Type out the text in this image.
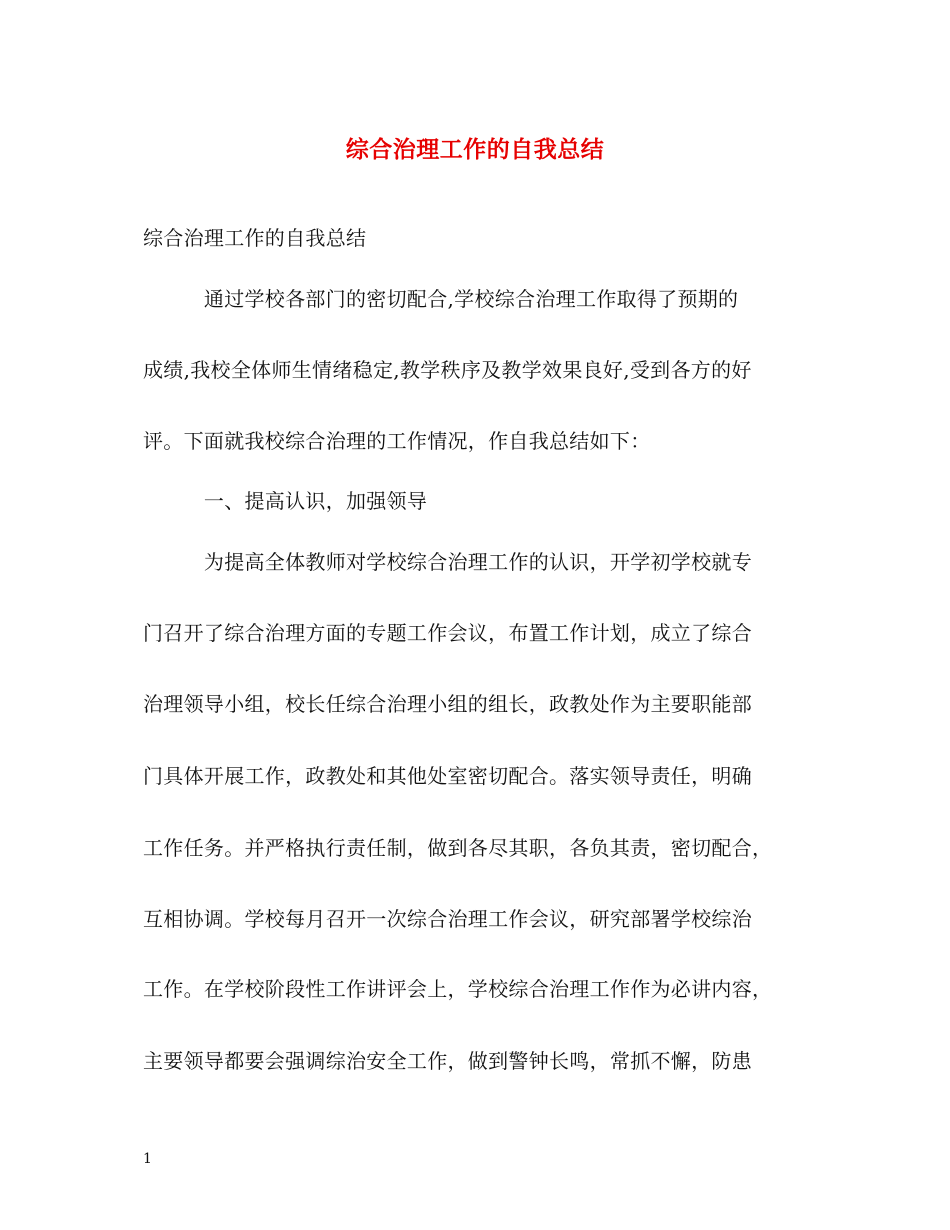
综合治理工作的自我总结
综合治理工作的自我总结
　　　通过学校各部门的密切配合,学校综合治理工作取得了预期的
成绩,我校全体师生情绪稳定,教学秩序及教学效果良好,受到各方的好
评。下面就我校综合治理的工作情况，作自我总结如下：
　　　一、提高认识，加强领导
　　　为提高全体教师对学校综合治理工作的认识，开学初学校就专
门召开了综合治理方面的专题工作会议，布置工作计划，成立了综合
治理领导小组，校长任综合治理小组的组长，政教处作为主要职能部
门具体开展工作，政教处和其他处室密切配合。落实领导责任，明确
工作任务。并严格执行责任制，做到各尽其职，各负其责，密切配合，
互相协调。学校每月召开一次综合治理工作会议，研究部署学校综治
工作。在学校阶段性工作讲评会上，学校综合治理工作作为必讲内容，
主要领导都要会强调综治安全工作，做到警钟长鸣，常抓不懈，防患
1
